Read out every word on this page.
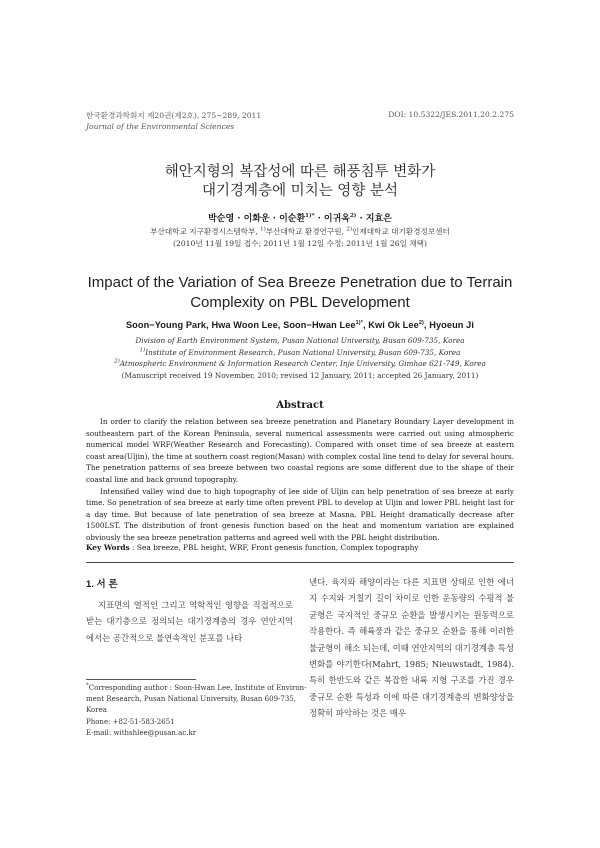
한국환경과학회지 제20권(제2호), 275∼289, 2011
Journal of the Environmental Sciences
DOI: 10.5322/JES.2011.20.2.275
해안지형의 복잡성에 따른 해풍침투 변화가
대기경계층에 미치는 영향 분석
박순영 · 이화운 · 이순환$^{1)*}$ · 이귀옥$^{2)}$ · 지효은
부산대학교 지구환경시스템학부, $^{1)}$부산대학교 환경연구원, $^{2)}$인제대학교 대기환경정보센터
(2010년 11월 19일 접수; 2011년 1월 12일 수정; 2011년 1월 26일 채택)
Impact of the Variation of Sea Breeze Penetration due to Terrain
Complexity on PBL Development
Soon−Young Park, Hwa Woon Lee, Soon−Hwan Lee$^{1)*}$, Kwi Ok Lee$^{2)}$, Hyoeun Ji
Division of Earth Environment System, Pusan National University, Busan 609-735, Korea
$^{1)}$Institute of Environment Research, Pusan National University, Busan 609-735, Korea
$^{2)}$Atmospheric Environment & Information Research Center, Inje University, Gimhae 621-749, Korea
(Manuscript received 19 November, 2010; revised 12 January, 2011; accepted 26 January, 2011)
Abstract

In order to clarify the relation between sea breeze penetration and Planetary Boundary Layer development in southeastern part of the Korean Peninsula, several numerical assessments were carried out using atmospheric numerical model WRF(Weather Research and Forecasting). Compared with onset time of sea breeze at eastern coast area(Uljin), the time at southern coast region(Masan) with complex costal line tend to delay for several hours. The penetration patterns of sea breeze between two coastal regions are some different due to the shape of their coastal line and back ground topography.

Intensified valley wind due to high topography of lee side of Uljin can help penetration of sea breeze at early time. So penetration of sea breeze at early time often prevent PBL to develop at Uljin and lower PBL height last for a day time. But because of late penetration of sea breeze at Masna, PBL Height dramatically decrease after 1500LST. The distribution of front genesis function based on the heat and momentum variation are explained obviously the sea breeze penetration patterns and agreed well with the PBL height distribution.

Key Words : Sea breeze, PBL height, WRF, Front genesis function, Complex topography
1. 서 론

지표면의 열적인 그리고 역학적인 영향을 직접적으로 받는 대기층으로 정의되는 대기경계층의 경우 연안지역에서는 공간적으로 불연속적인 분포를 나타

*Corresponding author : Soon-Hwan Lee, Institute of Environ-
ment Research, Pusan National University, Busan 609-735,
Korea
Phone: +82-51-583-2651
E-mail: withshlee@pusan.ac.kr

낸다. 육지와 해양이라는 다른 지표면 상태로 인한 에너지 수지와 거칠기 길이 차이로 인한 운동량의 수평적 불균형은 국지적인 중규모 순환을 발생시키는 원동력으로 작용한다. 즉 해륙풍과 같은 중규모 순환을 통해 이러한 불균형이 해소 되는데, 이때 연안지역의 대기경계층 특성 변화를 야기한다(Mahrt, 1985; Nieuwstadt, 1984). 특히 한반도와 같은 복잡한 내륙 지형 구조를 가진 경우 중규모 순환 특성과 이에 따른 대기경계층의 변화양상을 정확히 파악하는 것은 매우
